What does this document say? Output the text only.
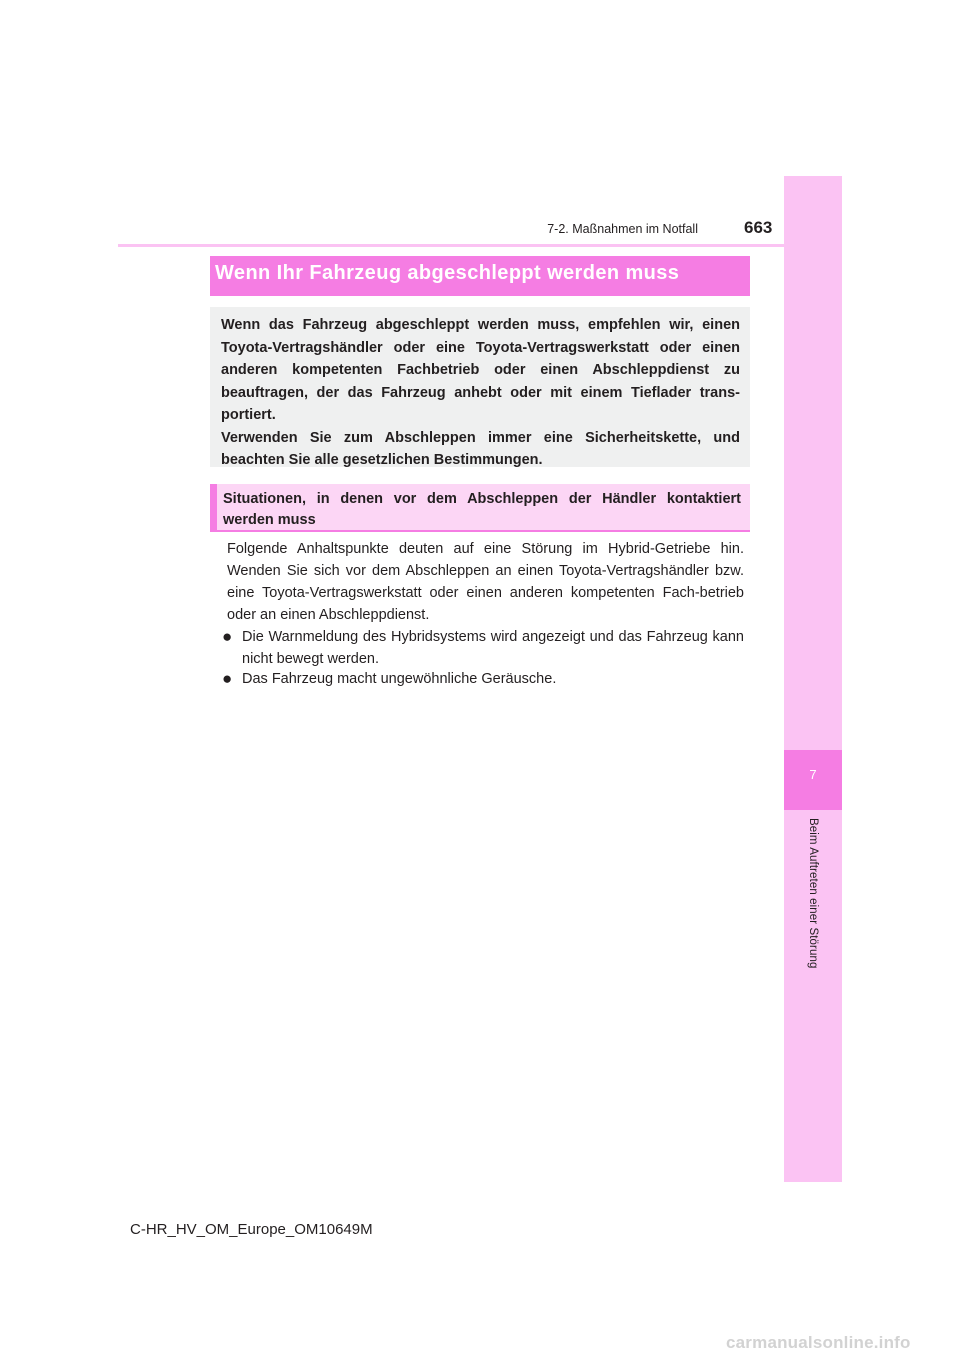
7
Beim Auftreten einer Störung
7-2. Maßnahmen im Notfall	663
Wenn Ihr Fahrzeug abgeschleppt werden muss

Wenn das Fahrzeug abgeschleppt werden muss, empfehlen wir, einen Toyota-Vertragshändler oder eine Toyota-Vertragswerkstatt oder einen anderen kompetenten Fachbetrieb oder einen Abschleppdienst zu beauftragen, der das Fahrzeug anhebt oder mit einem Tieflader trans-portiert.

Verwenden Sie zum Abschleppen immer eine Sicherheitskette, und beachten Sie alle gesetzlichen Bestimmungen.

Situationen, in denen vor dem Abschleppen der Händler kontaktiert werden muss
Folgende Anhaltspunkte deuten auf eine Störung im Hybrid-Getriebe hin. Wenden Sie sich vor dem Abschleppen an einen Toyota-Vertragshändler bzw. eine Toyota-Vertragswerkstatt oder einen anderen kompetenten Fach-betrieb oder an einen Abschleppdienst.
● Die Warnmeldung des Hybridsystems wird angezeigt und das Fahrzeug kann nicht bewegt werden.
● Das Fahrzeug macht ungewöhnliche Geräusche.
C-HR_HV_OM_Europe_OM10649M
carmanualsonline.info
